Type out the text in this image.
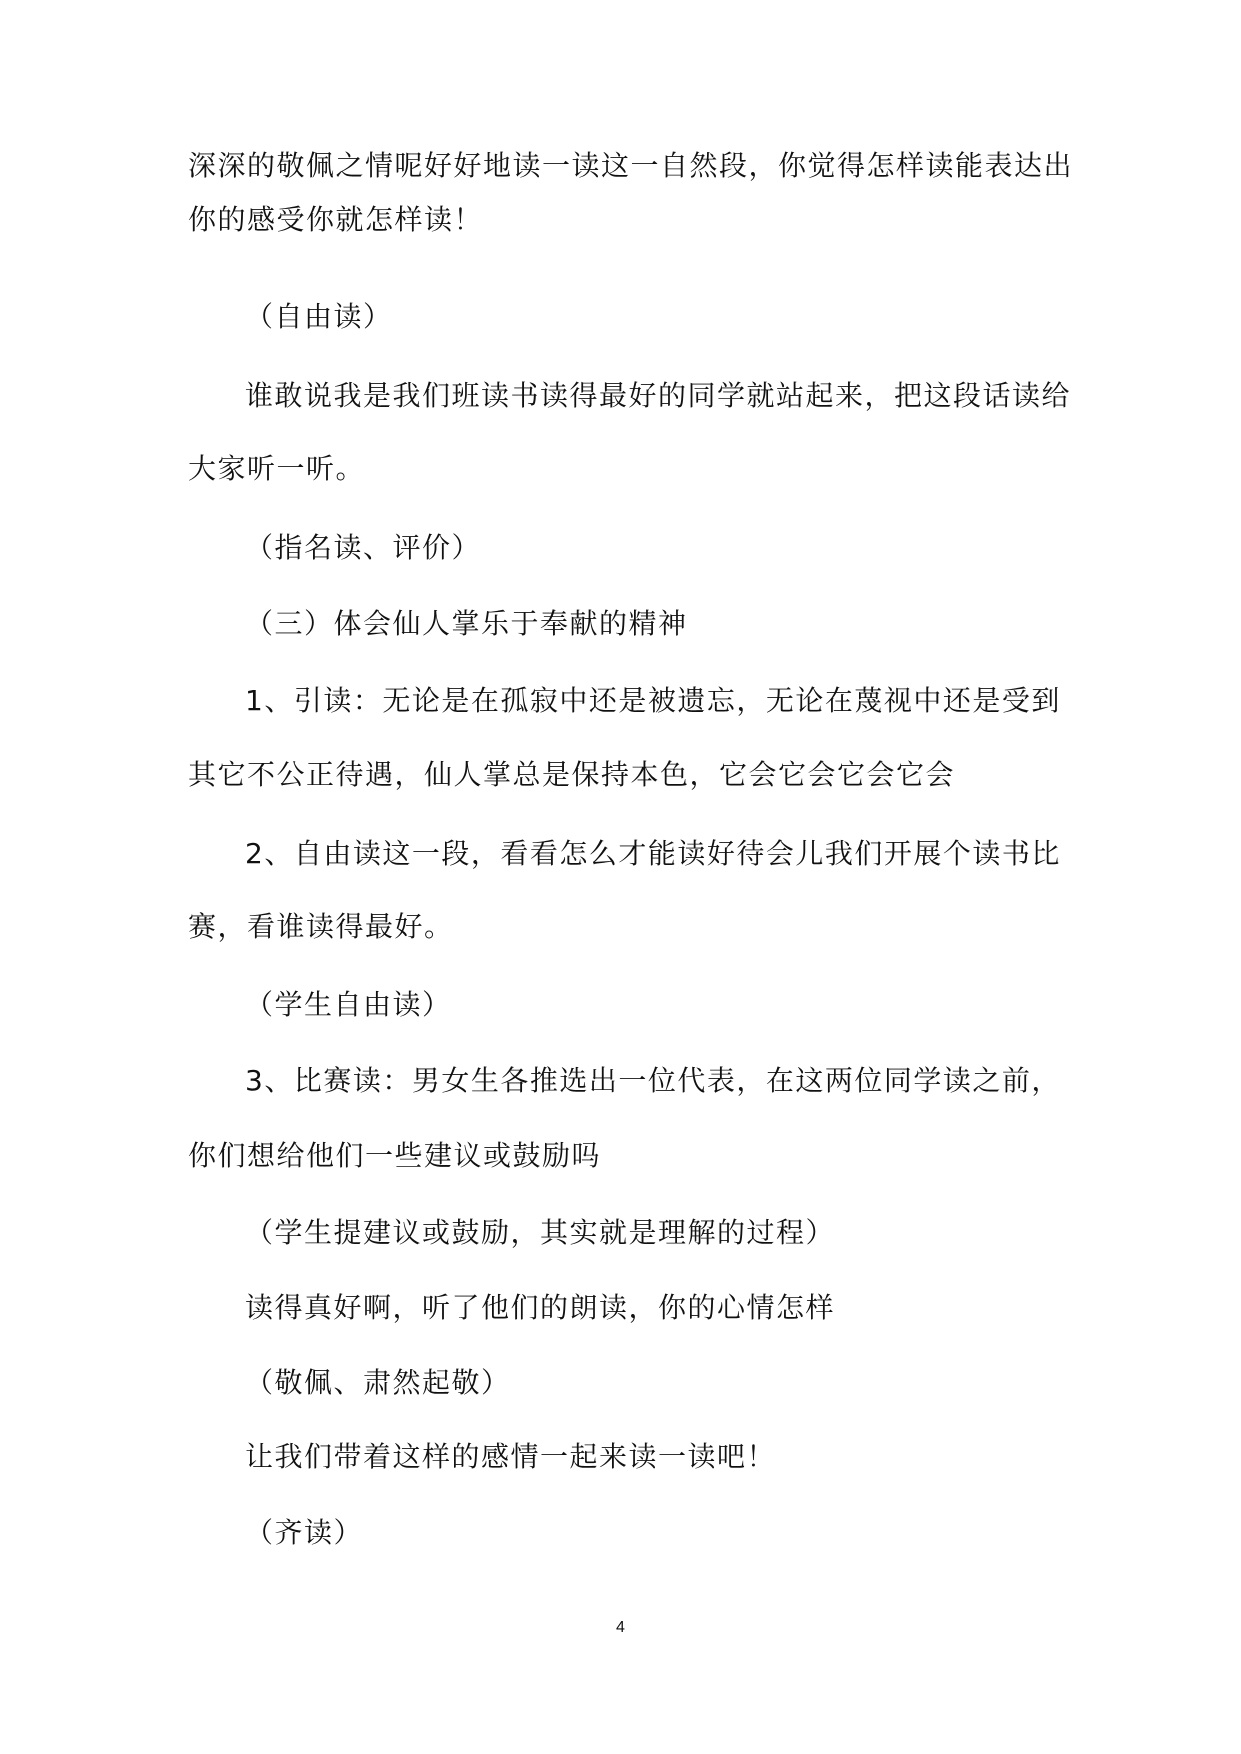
深深的敬佩之情呢好好地读一读这一自然段，你觉得怎样读能表达出
你的感受你就怎样读！
（自由读）
谁敢说我是我们班读书读得最好的同学就站起来，把这段话读给
大家听一听。
（指名读、评价）
（三）体会仙人掌乐于奉献的精神
1、引读：无论是在孤寂中还是被遗忘，无论在蔑视中还是受到
其它不公正待遇，仙人掌总是保持本色，它会它会它会它会
2、自由读这一段，看看怎么才能读好待会儿我们开展个读书比
赛，看谁读得最好。
（学生自由读）
3、比赛读：男女生各推选出一位代表，在这两位同学读之前，
你们想给他们一些建议或鼓励吗
（学生提建议或鼓励，其实就是理解的过程）
读得真好啊，听了他们的朗读，你的心情怎样
（敬佩、肃然起敬）
让我们带着这样的感情一起来读一读吧！
（齐读）
4
